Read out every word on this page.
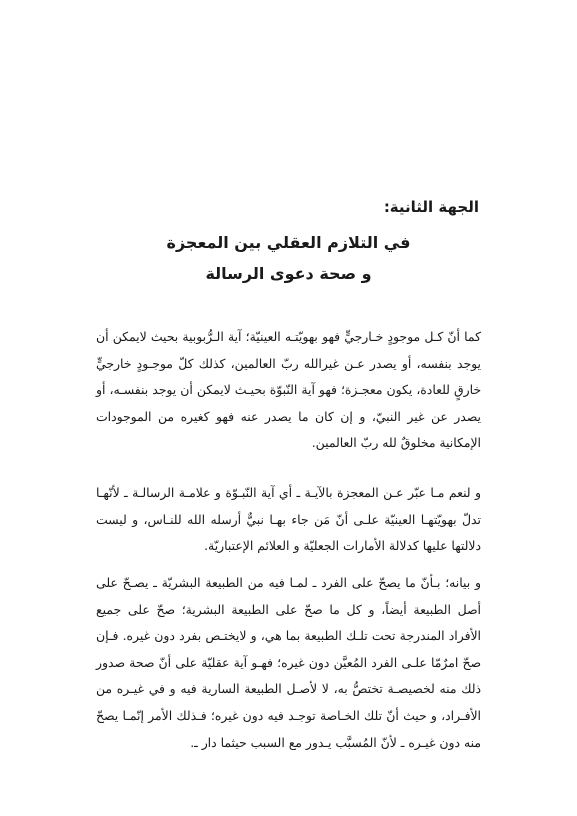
الجهة الثانية:
في التلازم العقلي بين المعجزة
و صحة دعوى الرسالة

كما أنّ كـل موجودٍ خـارجيٍّ فهو بهويّتـه العينيّة؛ آية الـرُّبوبية بحيث لايمكن أن يوجد بنفسه، أو يصدر عـن غيرالله ربّ العالمين، كذلك كلّ موجـودٍ خارجيٍّ خارقٍ للعادة، يكون معجـزة؛ فهو آية النّبوّة بحيـث لايمكن أن يوجد بنفسـه، أو يصدر عن غير النبيّ، و إن كان ما يصدر عنه فهو كغيره من الموجودات الإمكانية مخلوقٌ لله ربّ العالمين.

و لنعم مـا عبّر عـن المعجزة بالآيـة ـ أي آية النّبـوّة و علامـة الرسالـة ـ لأنّهـا تدلّ بهويّتهـا العينيّة علـى أنّ مَن جاء بهـا نبيٌّ أرسله الله للنـاس، و ليست دلالتها عليها كدلالة الأمارات الجعليّة و العلائم الإعتباريّة.

و بيانه؛ بـأنّ ما يصحّ على الفرد ـ لمـا فيه من الطبيعة البشريّة ـ يصـحّ على أصل الطبيعة أيضاً، و كل ما صحّ على الطبيعة البشرية؛ صحّ على جميع الأفراد المندرجة تحت تلـك الطبيعة بما هي، و لايختـص بفرد دون غيره. فـإن صحّ امرٌمّا علـى الفرد المُعيَّن دون غيره؛ فهـو آية عقليّة على أنّ صحة صدور ذلك منه لخصيصـة تختصُّ به، لا لأصـل الطبيعة السارية فيه و في غيـره من الأفـراد، و حيث أنّ تلك الخـاصة توجـد فيه دون غيره؛ فـذلك الأمر إنّمـا يصحّ منه دون غيـره ـ لأنّ المُسبَّب يـدور مع السبب حيثما دار ـ.
